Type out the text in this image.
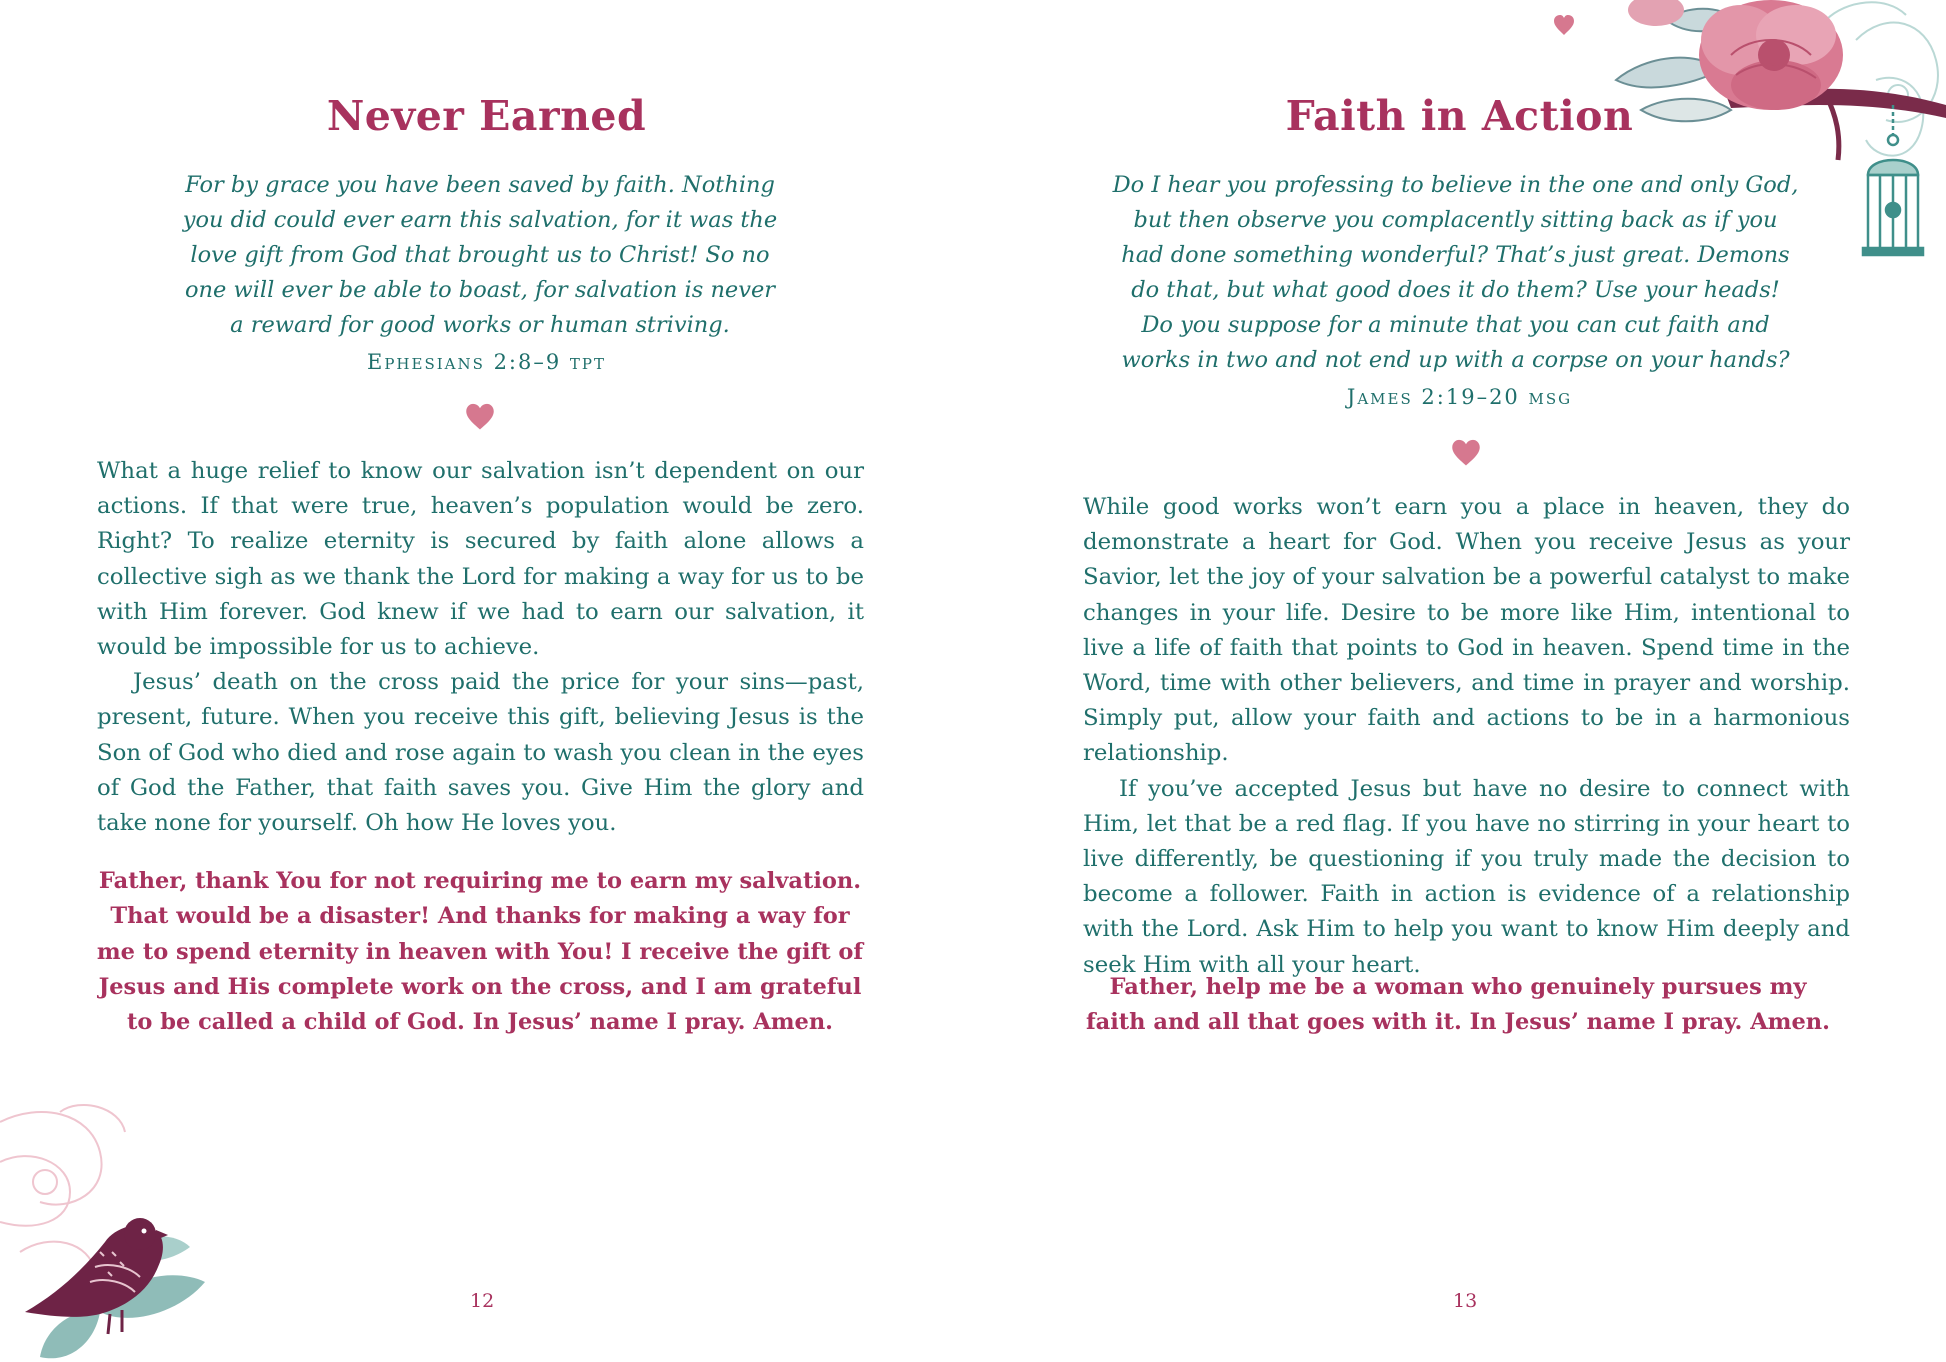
Never Earned

For by grace you have been saved by faith. Nothing
you did could ever earn this salvation, for it was the
love gift from God that brought us to Christ! So no
one will ever be able to boast, for salvation is never
a reward for good works or human striving.

Ephesians 2:8–9 tpt

What a huge relief to know our salvation isn’t dependent on our actions. If that were true, heaven’s population would be zero. Right? To realize eternity is secured by faith alone allows a collective sigh as we thank the Lord for making a way for us to be with Him forever. God knew if we had to earn our salvation, it would be impossible for us to achieve.

Jesus’ death on the cross paid the price for your sins—past, present, future. When you receive this gift, believing Jesus is the Son of God who died and rose again to wash you clean in the eyes of God the Father, that faith saves you. Give Him the glory and take none for yourself. Oh how He loves you.

Father, thank You for not requiring me to earn my salvation.
That would be a disaster! And thanks for making a way for
me to spend eternity in heaven with You! I receive the gift of
Jesus and His complete work on the cross, and I am grateful
to be called a child of God. In Jesus’ name I pray. Amen.

12

Faith in Action

Do I hear you professing to believe in the one and only God,
but then observe you complacently sitting back as if you
had done something wonderful? That’s just great. Demons
do that, but what good does it do them? Use your heads!
Do you suppose for a minute that you can cut faith and
works in two and not end up with a corpse on your hands?

James 2:19–20 msg

While good works won’t earn you a place in heaven, they do demonstrate a heart for God. When you receive Jesus as your Savior, let the joy of your salvation be a powerful catalyst to make changes in your life. Desire to be more like Him, intentional to live a life of faith that points to God in heaven. Spend time in the Word, time with other believers, and time in prayer and worship. Simply put, allow your faith and actions to be in a harmonious relationship.

If you’ve accepted Jesus but have no desire to connect with Him, let that be a red flag. If you have no stirring in your heart to live differently, be questioning if you truly made the decision to become a follower. Faith in action is evidence of a relationship with the Lord. Ask Him to help you want to know Him deeply and seek Him with all your heart.

Father, help me be a woman who genuinely pursues my
faith and all that goes with it. In Jesus’ name I pray. Amen.

13
